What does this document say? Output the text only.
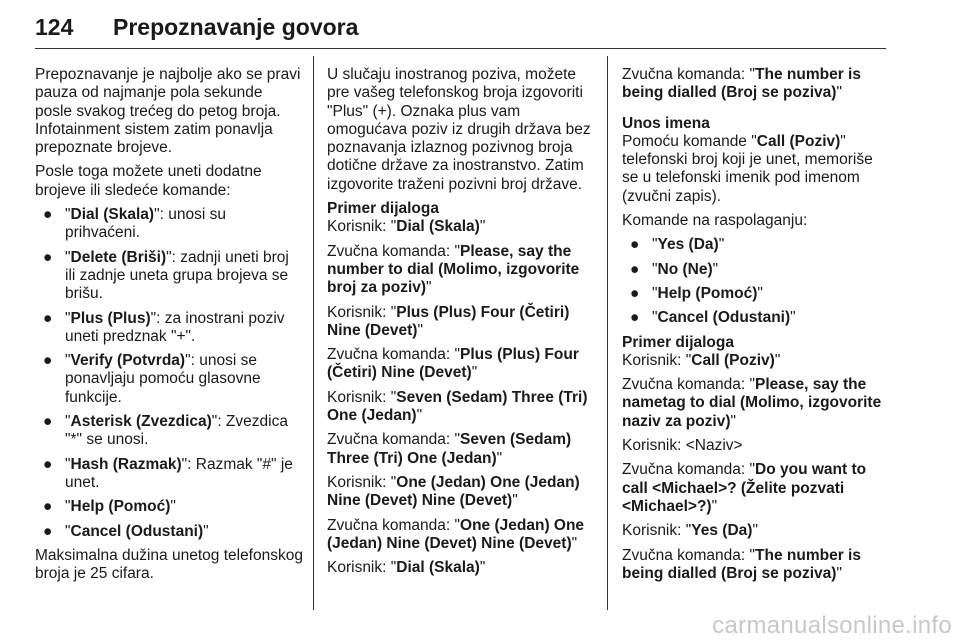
124 Prepoznavanje govora

Prepoznavanje je najbolje ako se pravi pauza od najmanje pola sekunde posle svakog trećeg do petog broja. Infotainment sistem zatim ponavlja prepoznate brojeve.

Posle toga možete uneti dodatne brojeve ili sledeće komande:

● "Dial (Skala)": unosi su prihvaćeni.
● "Delete (Briši)": zadnji uneti broj ili zadnje uneta grupa brojeva se brišu.
● "Plus (Plus)": za inostrani poziv uneti predznak "+".
● "Verify (Potvrda)": unosi se ponavljaju pomoću glasovne funkcije.
● "Asterisk (Zvezdica)": Zvezdica "*" se unosi.
● "Hash (Razmak)": Razmak "#" je unet.
● "Help (Pomoć)"
● "Cancel (Odustani)"

Maksimalna dužina unetog telefonskog broja je 25 cifara.

U slučaju inostranog poziva, možete pre vašeg telefonskog broja izgovoriti "Plus" (+). Oznaka plus vam omogućava poziv iz drugih država bez poznavanja izlaznog pozivnog broja dotične države za inostranstvo. Zatim izgovorite traženi pozivni broj države.

Primer dijaloga

Korisnik: "Dial (Skala)"

Zvučna komanda: "Please, say the number to dial (Molimo, izgovorite broj za poziv)"

Korisnik: "Plus (Plus) Four (Četiri) Nine (Devet)"

Zvučna komanda: "Plus (Plus) Four (Četiri) Nine (Devet)"

Korisnik: "Seven (Sedam) Three (Tri) One (Jedan)"

Zvučna komanda: "Seven (Sedam) Three (Tri) One (Jedan)"

Korisnik: "One (Jedan) One (Jedan) Nine (Devet) Nine (Devet)"

Zvučna komanda: "One (Jedan) One (Jedan) Nine (Devet) Nine (Devet)"

Korisnik: "Dial (Skala)"

Zvučna komanda: "The number is being dialled (Broj se poziva)"

Unos imena

Pomoću komande "Call (Poziv)" telefonski broj koji je unet, memoriše se u telefonski imenik pod imenom (zvučni zapis).

Komande na raspolaganju:

● "Yes (Da)"
● "No (Ne)"
● "Help (Pomoć)"
● "Cancel (Odustani)"

Primer dijaloga

Korisnik: "Call (Poziv)"

Zvučna komanda: "Please, say the nametag to dial (Molimo, izgovorite naziv za poziv)"

Korisnik: <Naziv>

Zvučna komanda: "Do you want to call <Michael>? (Želite pozvati <Michael>?)"

Korisnik: "Yes (Da)"

Zvučna komanda: "The number is being dialled (Broj se poziva)"

carmanualsonline.info
